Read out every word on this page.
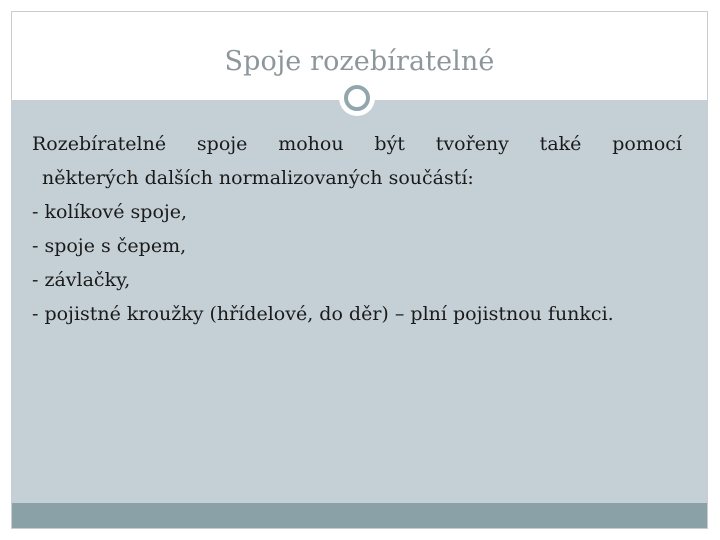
Spoje rozebíratelné

Rozebíratelné spoje mohou být tvořeny také pomocí
některých dalších normalizovaných součástí:

- kolíkové spoje,

- spoje s čepem,

- závlačky,

- pojistné kroužky (hřídelové, do děr) – plní pojistnou funkci.
